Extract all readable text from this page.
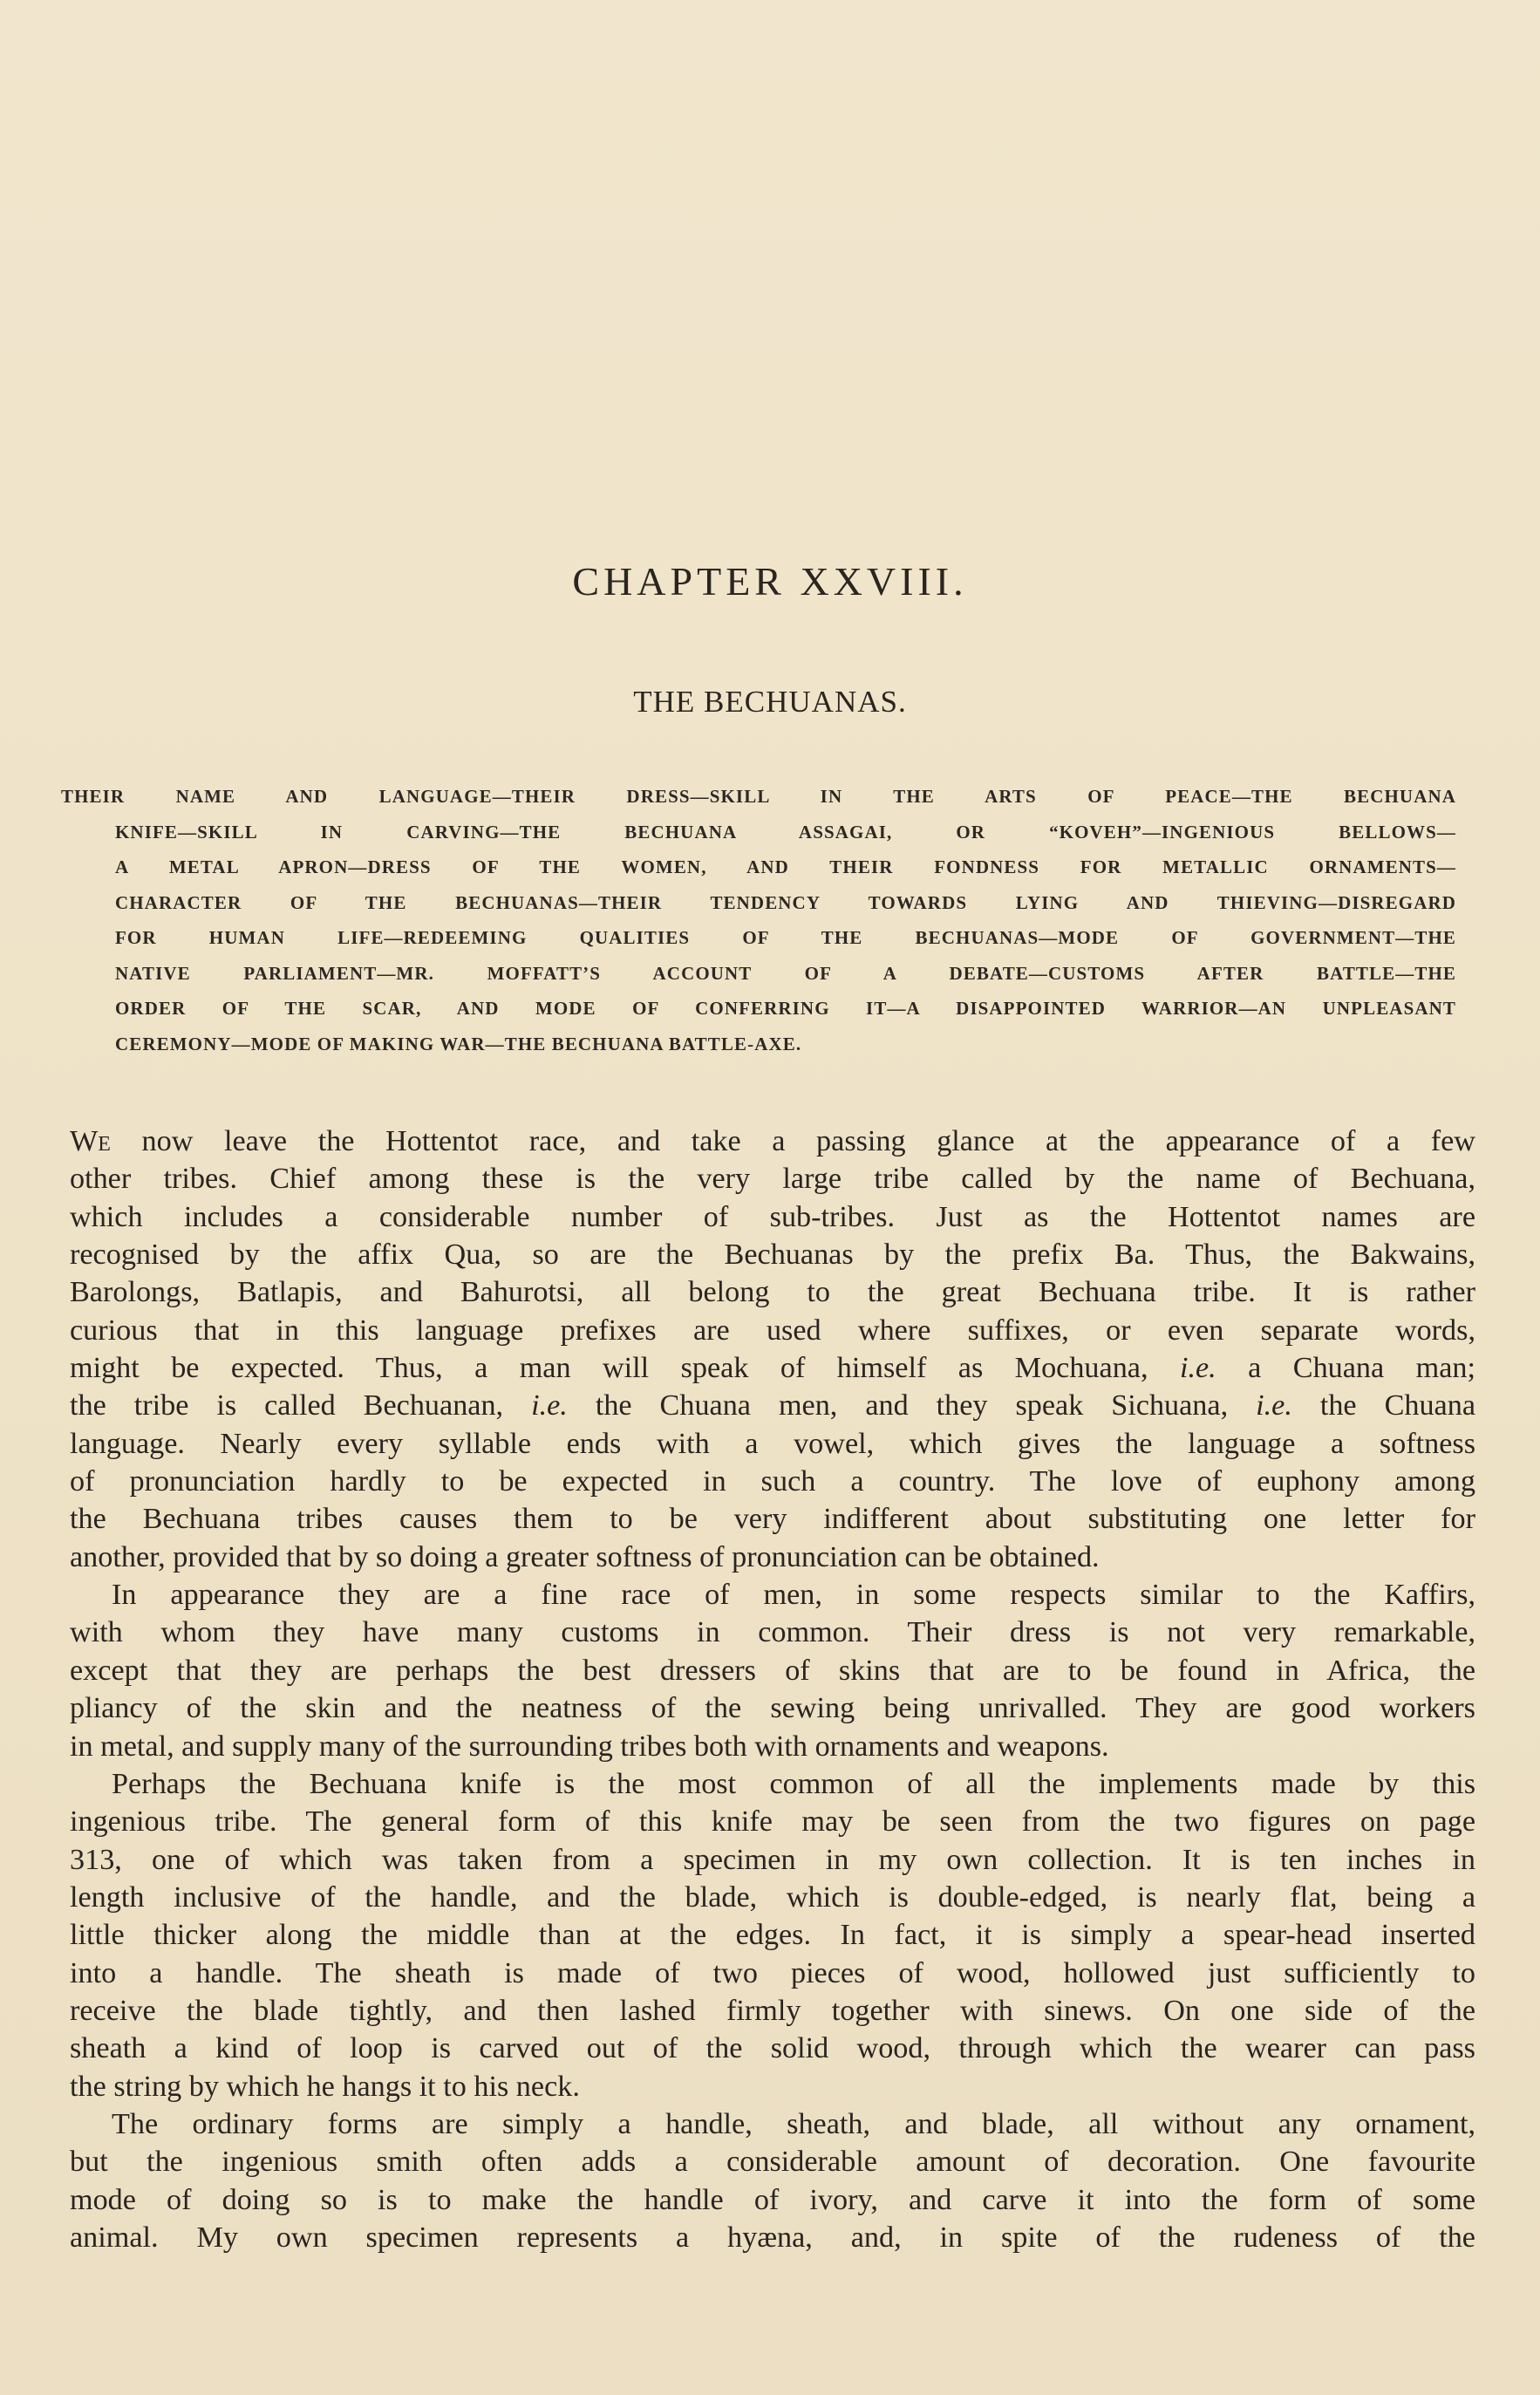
CHAPTER XXVIII.
THE BECHUANAS.
THEIR NAME AND LANGUAGE—THEIR DRESS—SKILL IN THE ARTS OF PEACE—THE BECHUANA
KNIFE—SKILL IN CARVING—THE BECHUANA ASSAGAI, OR “KOVEH”—INGENIOUS BELLOWS—
A METAL APRON—DRESS OF THE WOMEN, AND THEIR FONDNESS FOR METALLIC ORNAMENTS—
CHARACTER OF THE BECHUANAS—THEIR TENDENCY TOWARDS LYING AND THIEVING—DISREGARD
FOR HUMAN LIFE—REDEEMING QUALITIES OF THE BECHUANAS—MODE OF GOVERNMENT—THE
NATIVE PARLIAMENT—MR. MOFFATT’S ACCOUNT OF A DEBATE—CUSTOMS AFTER BATTLE—THE
ORDER OF THE SCAR, AND MODE OF CONFERRING IT—A DISAPPOINTED WARRIOR—AN UNPLEASANT
CEREMONY—MODE OF MAKING WAR—THE BECHUANA BATTLE-AXE.
We now leave the Hottentot race, and take a passing glance at the appearance of a few
other tribes. Chief among these is the very large tribe called by the name of Bechuana,
which includes a considerable number of sub-tribes. Just as the Hottentot names are
recognised by the affix Qua, so are the Bechuanas by the prefix Ba. Thus, the Bakwains,
Barolongs, Batlapis, and Bahurotsi, all belong to the great Bechuana tribe. It is rather
curious that in this language prefixes are used where suffixes, or even separate words,
might be expected. Thus, a man will speak of himself as Mochuana, i.e. a Chuana man;
the tribe is called Bechuanan, i.e. the Chuana men, and they speak Sichuana, i.e. the Chuana
language. Nearly every syllable ends with a vowel, which gives the language a softness
of pronunciation hardly to be expected in such a country. The love of euphony among
the Bechuana tribes causes them to be very indifferent about substituting one letter for
another, provided that by so doing a greater softness of pronunciation can be obtained.
In appearance they are a fine race of men, in some respects similar to the Kaffirs,
with whom they have many customs in common. Their dress is not very remarkable,
except that they are perhaps the best dressers of skins that are to be found in Africa, the
pliancy of the skin and the neatness of the sewing being unrivalled. They are good workers
in metal, and supply many of the surrounding tribes both with ornaments and weapons.
Perhaps the Bechuana knife is the most common of all the implements made by this
ingenious tribe. The general form of this knife may be seen from the two figures on page
313, one of which was taken from a specimen in my own collection. It is ten inches in
length inclusive of the handle, and the blade, which is double-edged, is nearly flat, being a
little thicker along the middle than at the edges. In fact, it is simply a spear-head inserted
into a handle. The sheath is made of two pieces of wood, hollowed just sufficiently to
receive the blade tightly, and then lashed firmly together with sinews. On one side of the
sheath a kind of loop is carved out of the solid wood, through which the wearer can pass
the string by which he hangs it to his neck.
The ordinary forms are simply a handle, sheath, and blade, all without any ornament,
but the ingenious smith often adds a considerable amount of decoration. One favourite
mode of doing so is to make the handle of ivory, and carve it into the form of some
animal. My own specimen represents a hyæna, and, in spite of the rudeness of the
